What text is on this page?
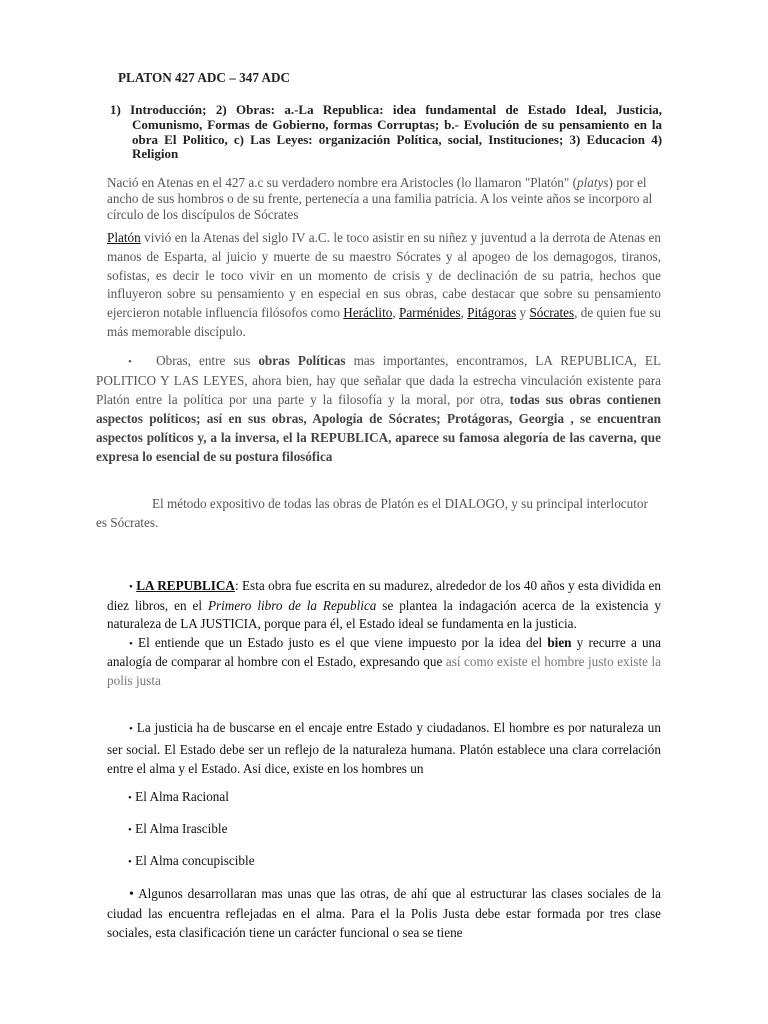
PLATON 427 ADC – 347 ADC
1) Introducción; 2) Obras: a.-La Republica: idea fundamental de Estado Ideal, Justicia, Comunismo, Formas de Gobierno, formas Corruptas; b.- Evolución de su pensamiento en la obra El Politico, c) Las Leyes: organización Política, social, Instituciones; 3) Educacion 4) Religion

Nació en Atenas en el 427 a.c su verdadero nombre era Aristocles (lo llamaron "Platón" (platys) por el ancho de sus hombros o de su frente, pertenecía a una familia patricia. A los veinte años se incorporo al círculo de los discípulos de Sócrates

Platón vivió en la Atenas del siglo IV a.C. le toco asistir en su niñez y juventud a la derrota de Atenas en manos de Esparta, al juicio y muerte de su maestro Sócrates y al apogeo de los demagogos, tiranos, sofistas, es decir le toco vivir en un momento de crisis y de declinación de su patria, hechos que influyeron sobre su pensamiento y en especial en sus obras, cabe destacar que sobre su pensamiento ejercieron notable influencia filósofos como Heráclito, Parménides, Pitágoras y Sócrates, de quien fue su más memorable discípulo.

• Obras, entre sus obras Políticas mas importantes, encontramos, LA REPUBLICA, EL POLITICO Y LAS LEYES, ahora bien, hay que señalar que dada la estrecha vinculación existente para Platón entre la política por una parte y la filosofía y la moral, por otra, todas sus obras contienen aspectos políticos; así en sus obras, Apología de Sócrates; Protágoras, Georgia , se encuentran aspectos políticos y, a la inversa, el la REPUBLICA, aparece su famosa alegoría de las caverna, que expresa lo esencial de su postura filosófica

El método expositivo de todas las obras de Platón es el DIALOGO, y su principal interlocutor es Sócrates.

• LA REPUBLICA: Esta obra fue escrita en su madurez, alrededor de los 40 años y esta dividida en diez libros, en el Primero libro de la Republica se plantea la indagación acerca de la existencia y naturaleza de LA JUSTICIA, porque para él, el Estado ideal se fundamenta en la justicia.
• El entiende que un Estado justo es el que viene impuesto por la idea del bien y recurre a una analogía de comparar al hombre con el Estado, expresando que así como existe el hombre justo existe la polis justa

• La justicia ha de buscarse en el encaje entre Estado y ciudadanos. El hombre es por naturaleza un ser social. El Estado debe ser un reflejo de la naturaleza humana. Platón establece una clara correlación entre el alma y el Estado. Asi dice, existe en los hombres un

• El Alma Racional
• El Alma Irascible
• El Alma concupiscible

• Algunos desarrollaran mas unas que las otras, de ahí que al estructurar las clases sociales de la ciudad las encuentra reflejadas en el alma. Para el la Polis Justa debe estar formada por tres clase sociales, esta clasificación tiene un carácter funcional o sea se tiene
